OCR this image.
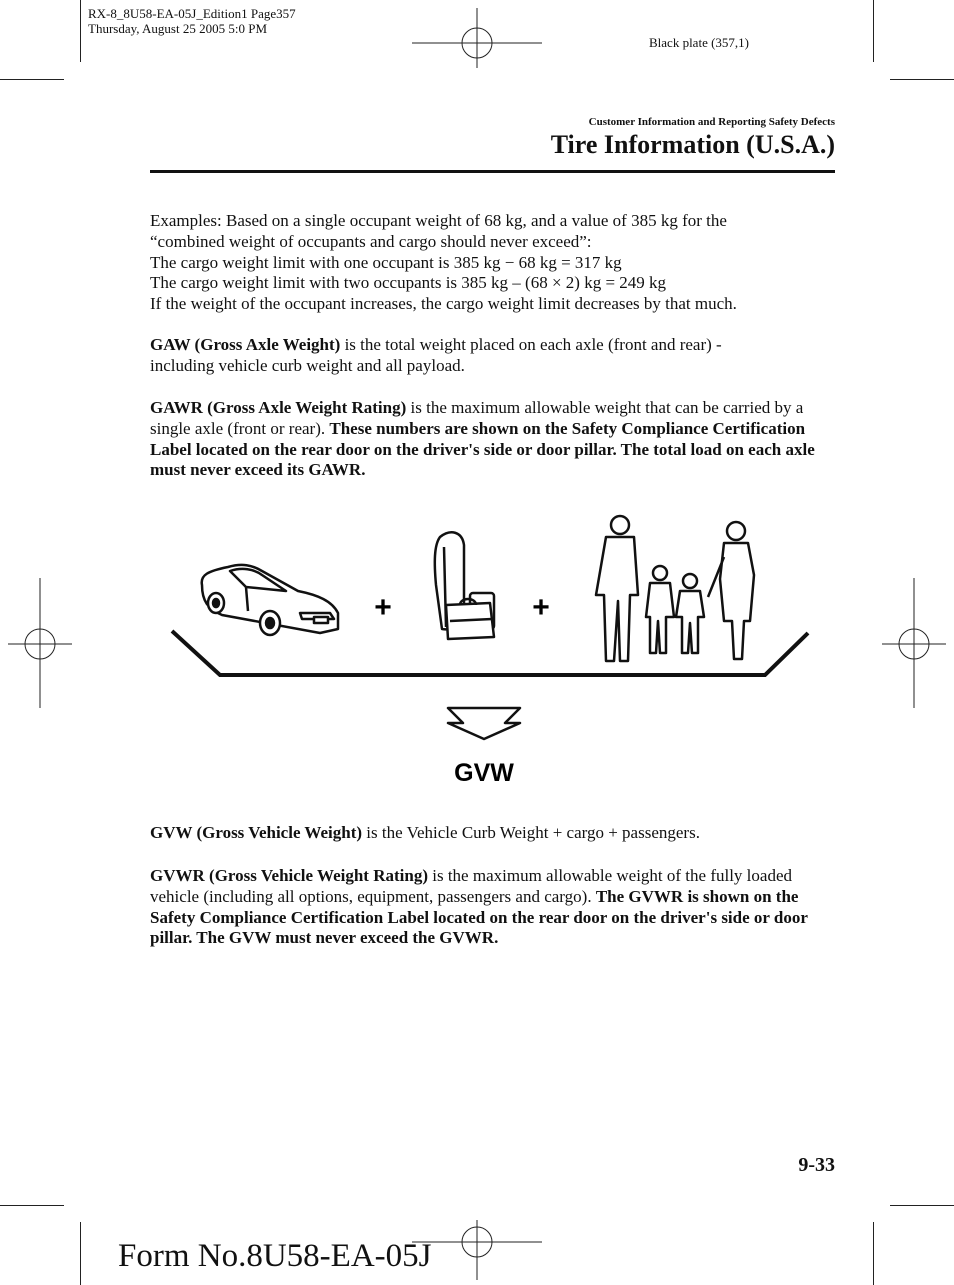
RX-8_8U58-EA-05J_Edition1 Page357
Thursday, August 25 2005 5:0 PM
Black plate (357,1)
Customer Information and Reporting Safety Defects
Tire Information (U.S.A.)

Examples: Based on a single occupant weight of 68 kg, and a value of 385 kg for the

“combined weight of occupants and cargo should never exceed”:

The cargo weight limit with one occupant is 385 kg − 68 kg = 317 kg

The cargo weight limit with two occupants is 385 kg – (68 × 2) kg = 249 kg

If the weight of the occupant increases, the cargo weight limit decreases by that much.

GAW (Gross Axle Weight) is the total weight placed on each axle (front and rear) - including vehicle curb weight and all payload.

GAWR (Gross Axle Weight Rating) is the maximum allowable weight that can be carried by a single axle (front or rear). These numbers are shown on the Safety Compliance Certification Label located on the rear door on the driver's side or door pillar. The total load on each axle must never exceed its GAWR.

+	+
GVW

GVW (Gross Vehicle Weight) is the Vehicle Curb Weight + cargo + passengers.

GVWR (Gross Vehicle Weight Rating) is the maximum allowable weight of the fully loaded vehicle (including all options, equipment, passengers and cargo). The GVWR is shown on the Safety Compliance Certification Label located on the rear door on the driver's side or door pillar. The GVW must never exceed the GVWR.

9-33
Form No.8U58-EA-05J
